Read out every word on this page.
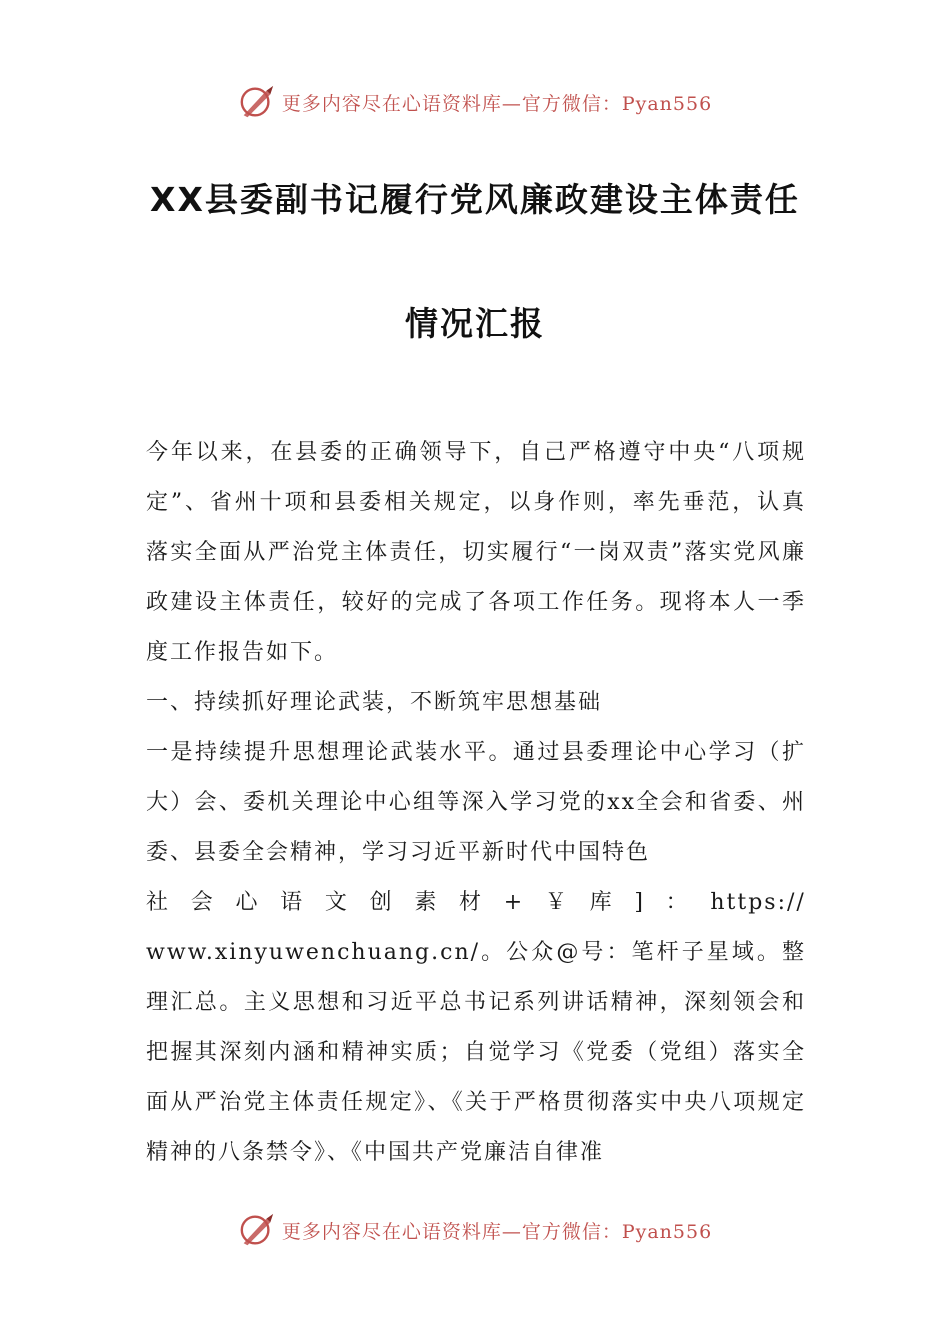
更多内容尽在心语资料库—官方微信：Pyan556
XX县委副书记履行党风廉政建设主体责任
情况汇报

今年以来，在县委的正确领导下，自己严格遵守中央“八项规定”、省州十项和县委相关规定，以身作则，率先垂范，认真落实全面从严治党主体责任，切实履行“一岗双责”落实党风廉政建设主体责任，较好的完成了各项工作任务。现将本人一季度工作报告如下。

一、持续抓好理论武装，不断筑牢思想基础

一是持续提升思想理论武装水平。通过县委理论中心学习（扩大）会、委机关理论中心组等深入学习党的xx全会和省委、州委、县委全会精神，学习习近平新时代中国特色

社 会 心 语 文 创 素 材 + ￥ 库 ] ： https://

www.xinyuwenchuang.cn/。公众@号：笔杆子星域。整理汇总。主义思想和习近平总书记系列讲话精神，深刻领会和把握其深刻内涵和精神实质；自觉学习《党委（党组）落实全面从严治党主体责任规定》、《关于严格贯彻落实中央八项规定精神的八条禁令》、《中国共产党廉洁自律准

更多内容尽在心语资料库—官方微信：Pyan556
